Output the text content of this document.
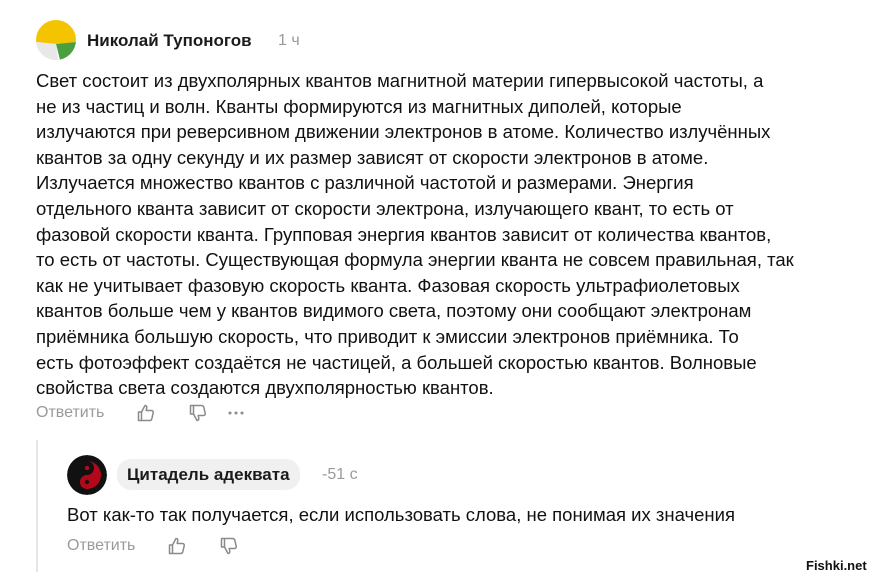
Николай Тупоногов 1 ч
Свет состоит из двухполярных квантов магнитной материи гипервысокой частоты, а
не из частиц и волн. Кванты формируются из магнитных диполей, которые
излучаются при реверсивном движении электронов в атоме. Количество излучённых
квантов за одну секунду и их размер зависят от скорости электронов в атоме.
Излучается множество квантов с различной частотой и размерами. Энергия
отдельного кванта зависит от скорости электрона, излучающего квант, то есть от
фазовой скорости кванта. Групповая энергия квантов зависит от количества квантов,
то есть от частоты. Существующая формула энергии кванта не совсем правильная, так
как не учитывает фазовую скорость кванта. Фазовая скорость ультрафиолетовых
квантов больше чем у квантов видимого света, поэтому они сообщают электронам
приёмника большую скорость, что приводит к эмиссии электронов приёмника. То
есть фотоэффект создаётся не частицей, а большей скоростью квантов. Волновые
свойства света создаются двухполярностью квантов.
Ответить
Цитадель адеквата -51 с
Вот как-то так получается, если использовать слова, не понимая их значения
Ответить
Fishki.net
